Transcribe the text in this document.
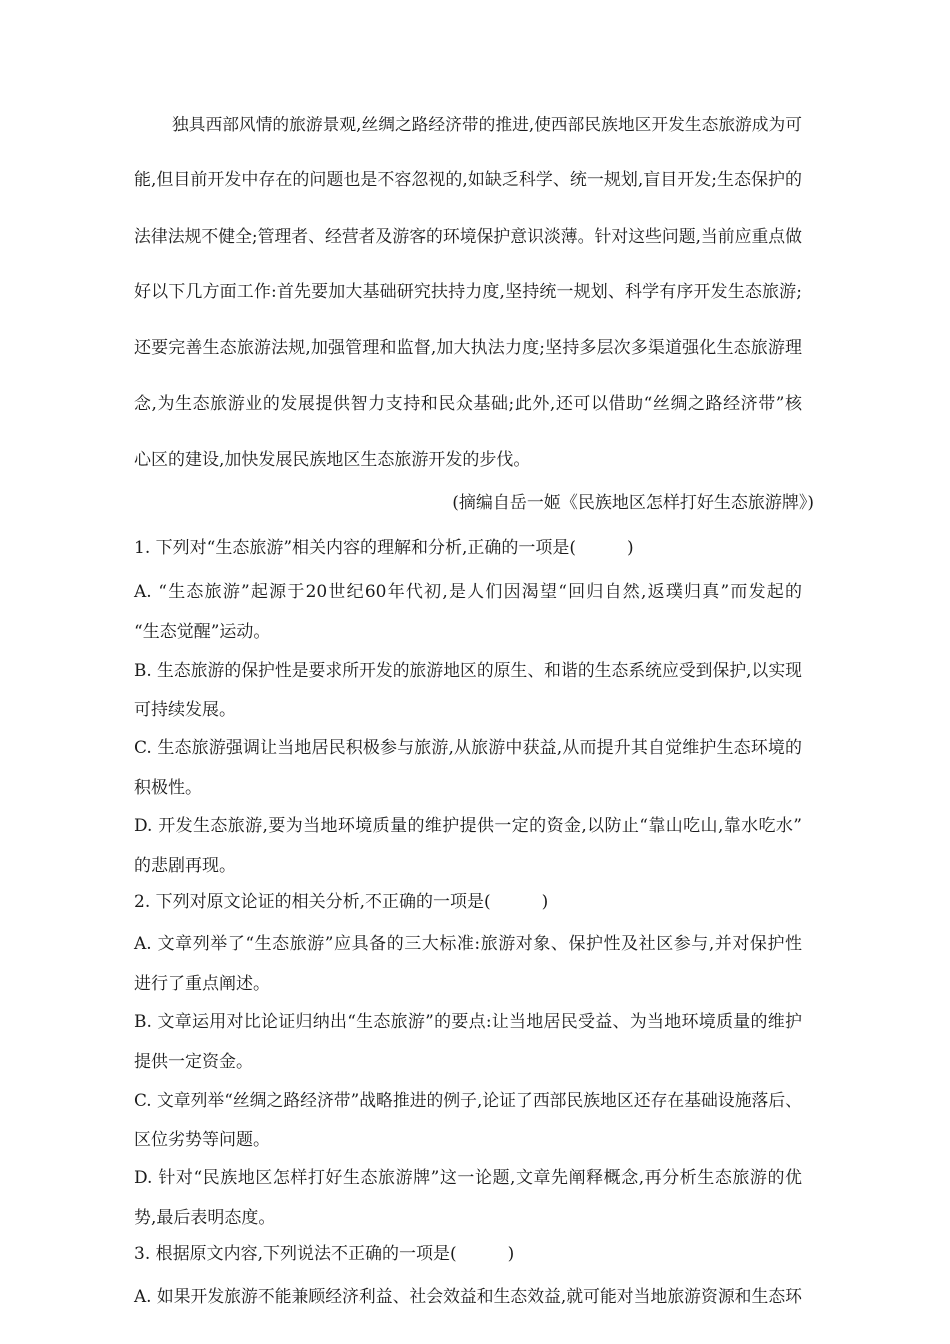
独具西部风情的旅游景观,丝绸之路经济带的推进,使西部民族地区开发生态旅游成为可
能,但目前开发中存在的问题也是不容忽视的,如缺乏科学、统一规划,盲目开发;生态保护的
法律法规不健全;管理者、经营者及游客的环境保护意识淡薄。针对这些问题,当前应重点做
好以下几方面工作:首先要加大基础研究扶持力度,坚持统一规划、科学有序开发生态旅游;
还要完善生态旅游法规,加强管理和监督,加大执法力度;坚持多层次多渠道强化生态旅游理
念,为生态旅游业的发展提供智力支持和民众基础;此外,还可以借助“丝绸之路经济带”核
心区的建设,加快发展民族地区生态旅游开发的步伐。
(摘编自岳一姬《民族地区怎样打好生态旅游牌》)
1. 下列对“生态旅游”相关内容的理解和分析,正确的一项是(　　　)
A. “生态旅游”起源于20世纪60年代初,是人们因渴望“回归自然,返璞归真”而发起的
“生态觉醒”运动。
B. 生态旅游的保护性是要求所开发的旅游地区的原生、和谐的生态系统应受到保护,以实现
可持续发展。
C. 生态旅游强调让当地居民积极参与旅游,从旅游中获益,从而提升其自觉维护生态环境的
积极性。
D. 开发生态旅游,要为当地环境质量的维护提供一定的资金,以防止“靠山吃山,靠水吃水”
的悲剧再现。
2. 下列对原文论证的相关分析,不正确的一项是(　　　)
A. 文章列举了“生态旅游”应具备的三大标准:旅游对象、保护性及社区参与,并对保护性
进行了重点阐述。
B. 文章运用对比论证归纳出“生态旅游”的要点:让当地居民受益、为当地环境质量的维护
提供一定资金。
C. 文章列举“丝绸之路经济带”战略推进的例子,论证了西部民族地区还存在基础设施落后、
区位劣势等问题。
D. 针对“民族地区怎样打好生态旅游牌”这一论题,文章先阐释概念,再分析生态旅游的优
势,最后表明态度。
3. 根据原文内容,下列说法不正确的一项是(　　　)
A. 如果开发旅游不能兼顾经济利益、社会效益和生态效益,就可能对当地旅游资源和生态环
